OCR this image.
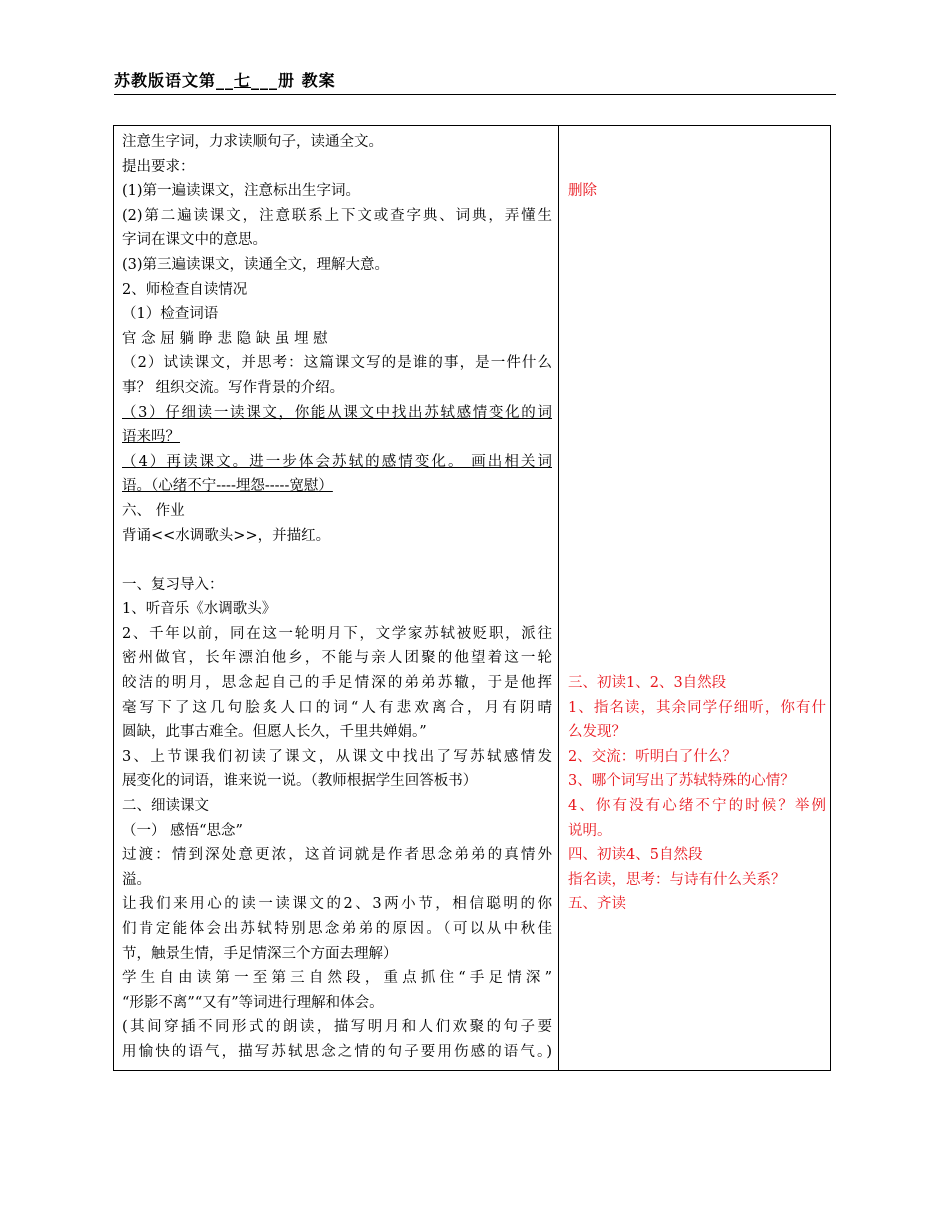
苏教版语文第__七___册 教案
注意生字词，力求读顺句子，读通全文。
提出要求：
(1)第一遍读课文，注意标出生字词。
(2)第二遍读课文，注意联系上下文或查字典、词典，弄懂生
字词在课文中的意思。
(3)第三遍读课文，读通全文，理解大意。
2、师检查自读情况
（1）检查词语
官 念 屈 躺 睁 悲 隐 缺 虽 埋 慰
（2）试读课文，并思考：这篇课文写的是谁的事，是一件什么
事？ 组织交流。写作背景的介绍。
（3）仔细读一读课文，你能从课文中找出苏轼感情变化的词
语来吗？
（4）再读课文。进一步体会苏轼的感情变化。 画出相关词
语。（心绪不宁----埋怨-----宽慰）
六、 作业
背诵<<水调歌头>>，并描红。
一、复习导入：
1、听音乐《水调歌头》
2、千年以前，同在这一轮明月下，文学家苏轼被贬职，派往
密州做官，长年漂泊他乡，不能与亲人团聚的他望着这一轮
皎洁的明月，思念起自己的手足情深的弟弟苏辙，于是他挥
毫写下了这几句脍炙人口的词“人有悲欢离合，月有阴晴
圆缺，此事古难全。但愿人长久，千里共婵娟。”
3、上节课我们初读了课文，从课文中找出了写苏轼感情发
展变化的词语，谁来说一说。（教师根据学生回答板书）
二、细读课文
（一） 感悟“思念”
过渡：情到深处意更浓，这首词就是作者思念弟弟的真情外
溢。
让我们来用心的读一读课文的2、3两小节，相信聪明的你
们肯定能体会出苏轼特别思念弟弟的原因。（可以从中秋佳
节，触景生情，手足情深三个方面去理解）
学生自由读第一至第三自然段，重点抓住“手足情深”
“形影不离”“又有”等词进行理解和体会。
(其间穿插不同形式的朗读，描写明月和人们欢聚的句子要
用愉快的语气，描写苏轼思念之情的句子要用伤感的语气。)
删除
三、初读1、2、3自然段
1、指名读，其余同学仔细听，你有什
么发现？
2、交流：听明白了什么？
3、哪个词写出了苏轼特殊的心情？
4、你有没有心绪不宁的时候？举例
说明。
四、初读4、5自然段
指名读，思考：与诗有什么关系？
五、齐读
